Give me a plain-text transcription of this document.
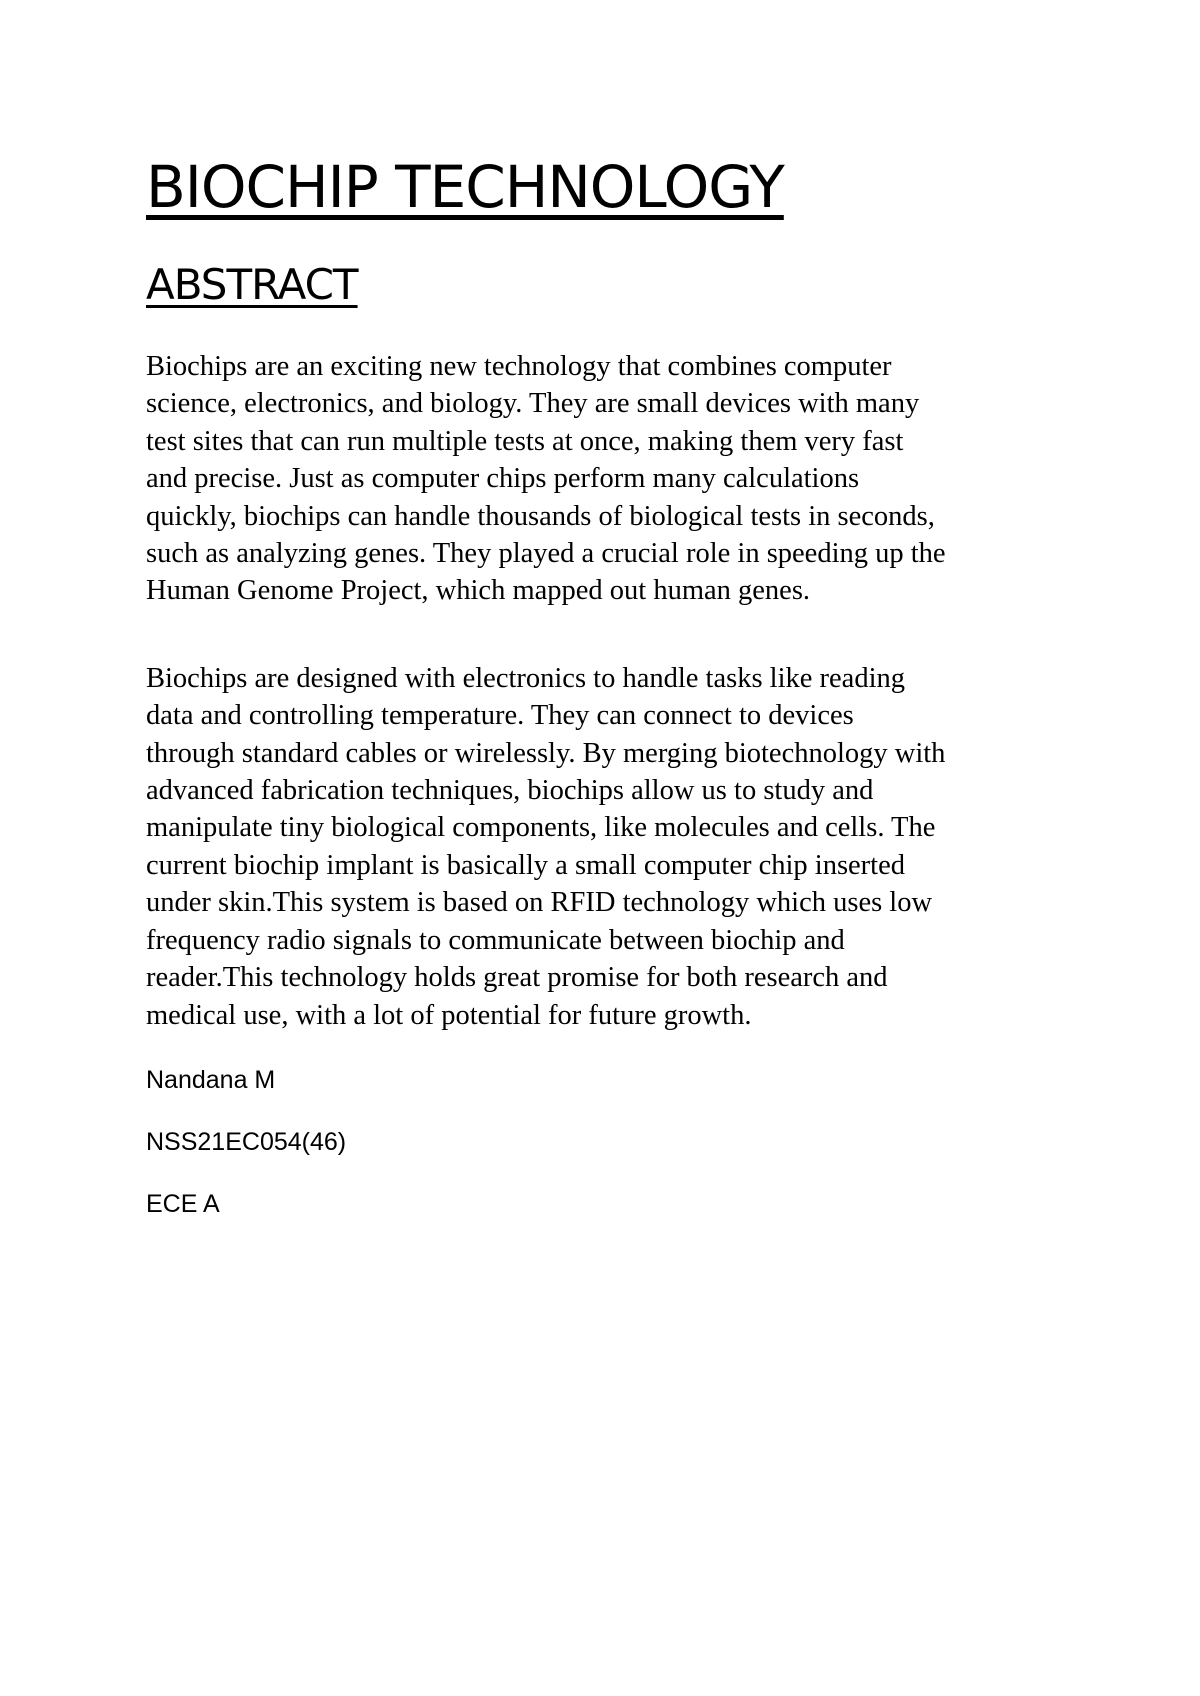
BIOCHIP TECHNOLOGY
ABSTRACT

Biochips are an exciting new technology that combines computer
science, electronics, and biology. They are small devices with many
test sites that can run multiple tests at once, making them very fast
and precise. Just as computer chips perform many calculations
quickly, biochips can handle thousands of biological tests in seconds,
such as analyzing genes. They played a crucial role in speeding up the
Human Genome Project, which mapped out human genes.

Biochips are designed with electronics to handle tasks like reading
data and controlling temperature. They can connect to devices
through standard cables or wirelessly. By merging biotechnology with
advanced fabrication techniques, biochips allow us to study and
manipulate tiny biological components, like molecules and cells. The
current biochip implant is basically a small computer chip inserted
under skin.This system is based on RFID technology which uses low
frequency radio signals to communicate between biochip and
reader.This technology holds great promise for both research and
medical use, with a lot of potential for future growth.

Nandana M

NSS21EC054(46)

ECE A
